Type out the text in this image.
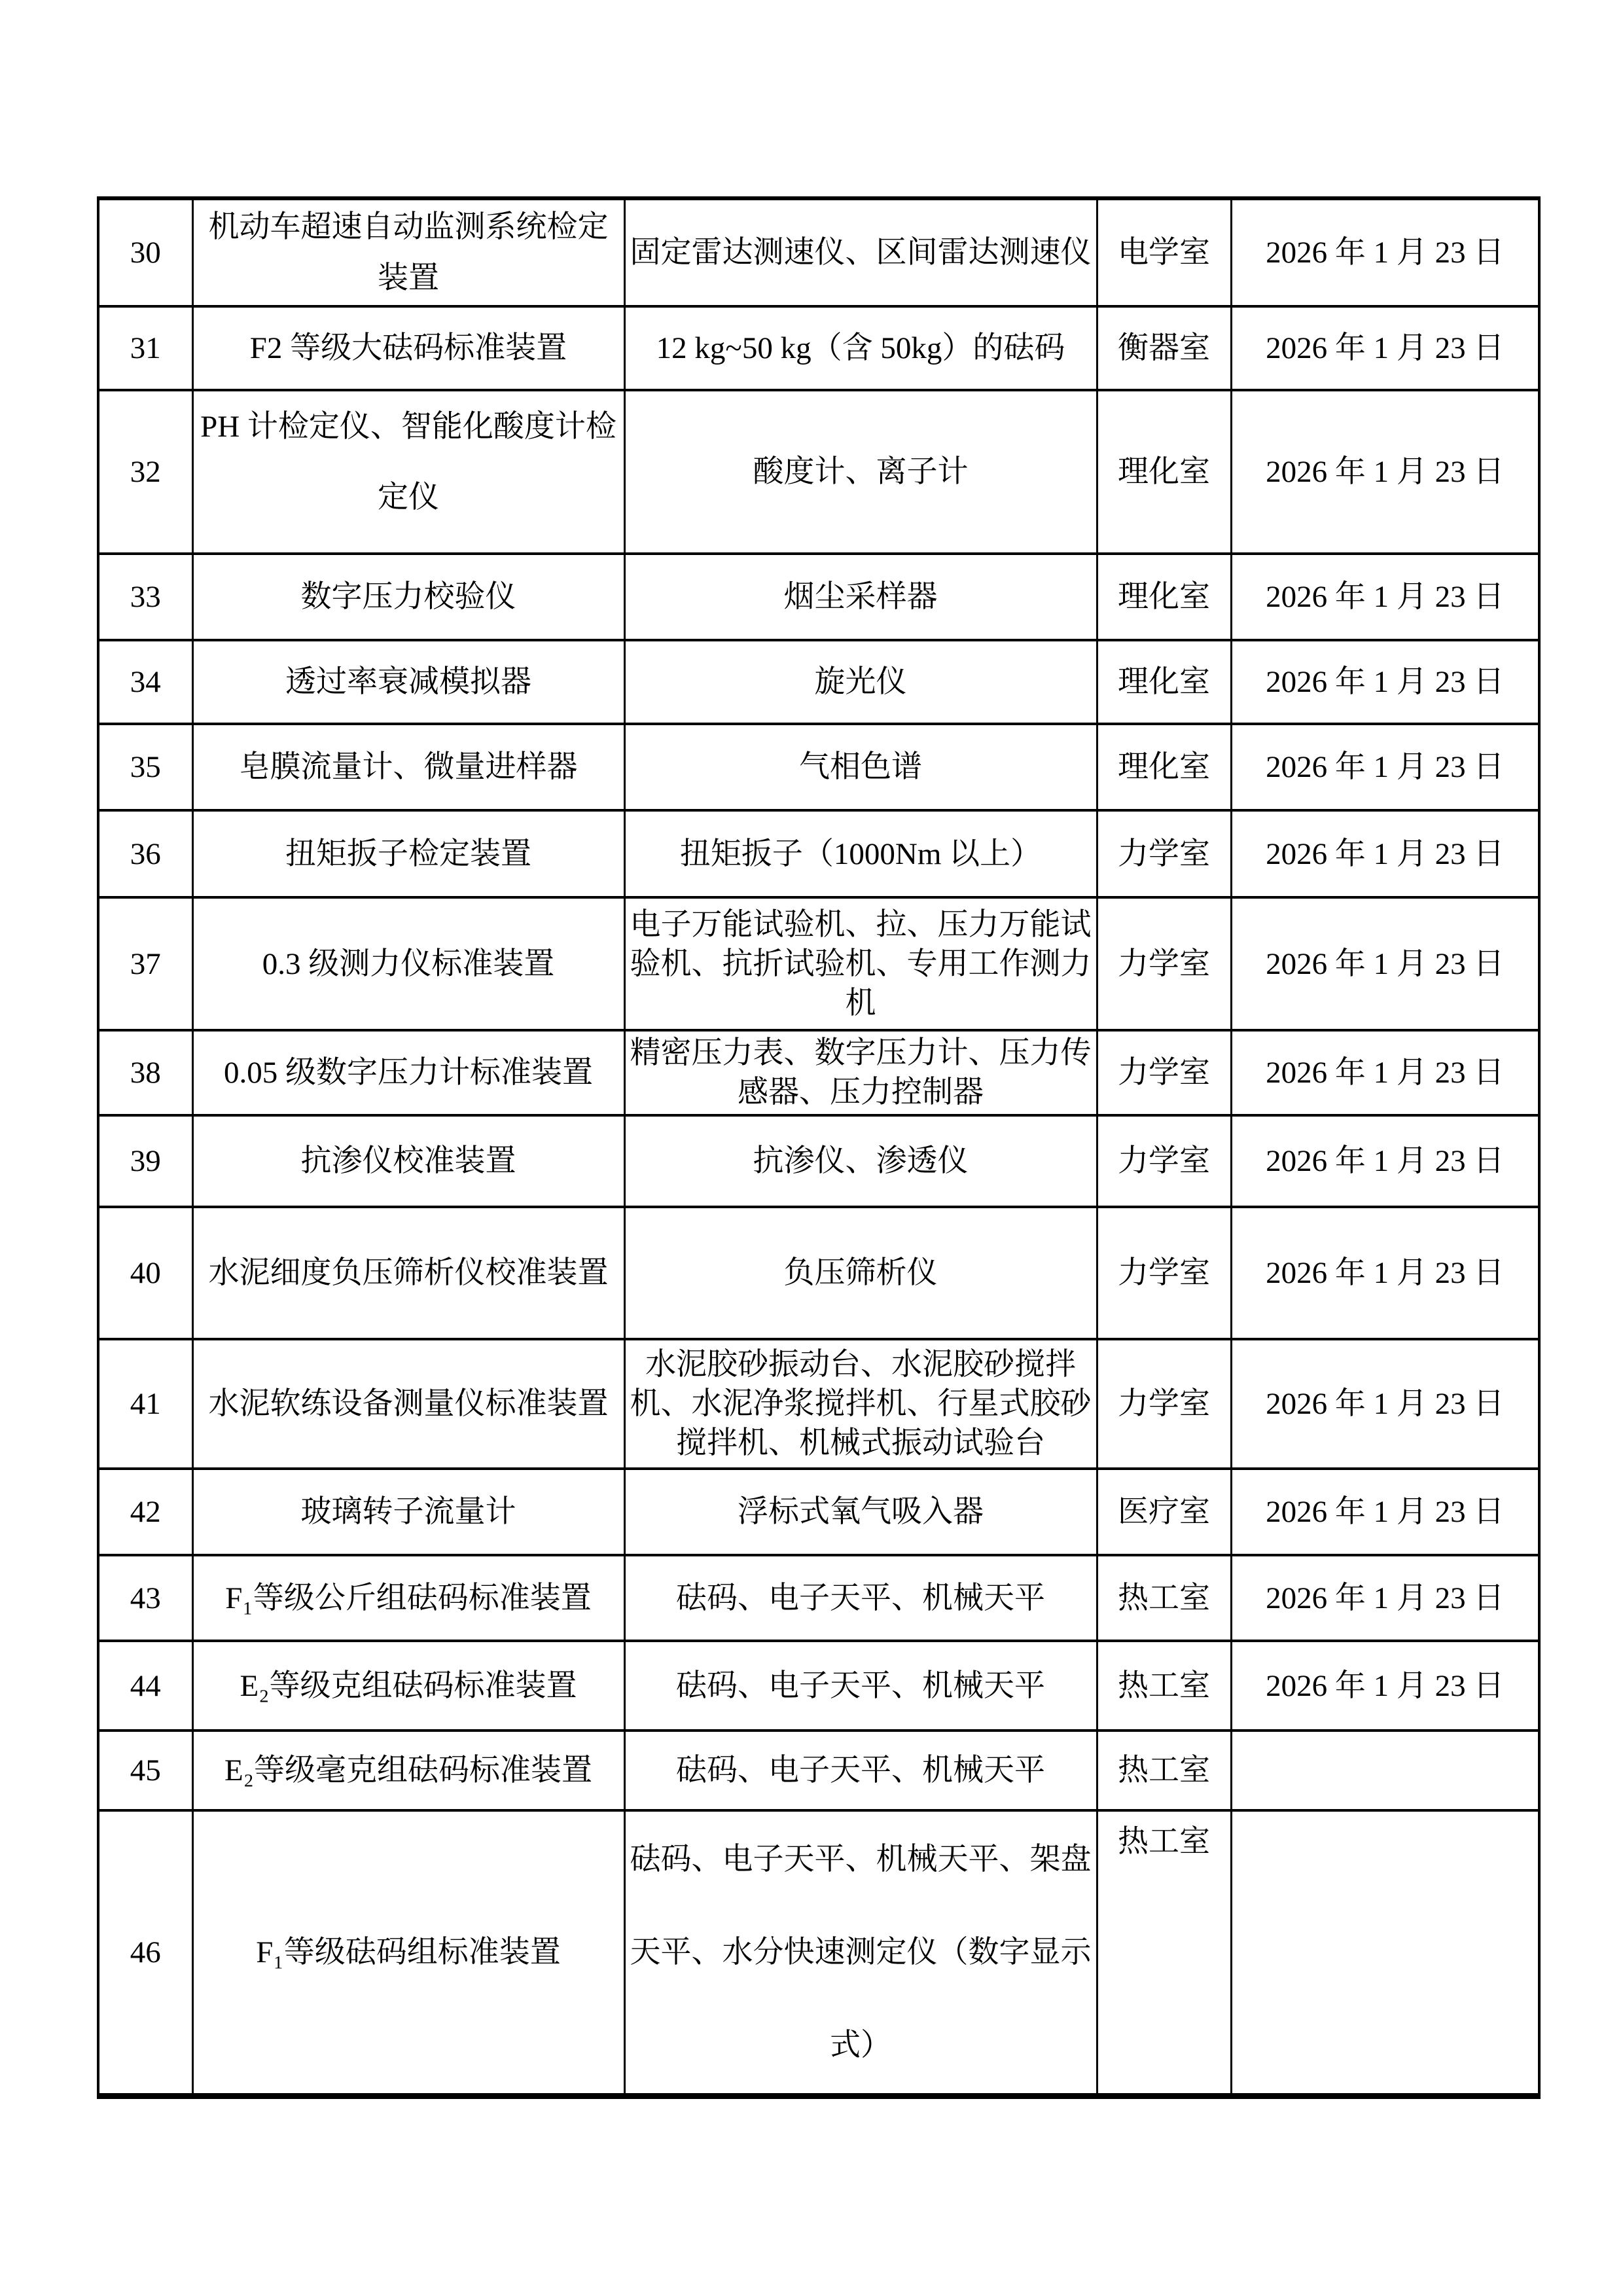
30	机动车超速自动监测系统检定装置	固定雷达测速仪、区间雷达测速仪	电学室	2026 年 1 月 23 日
31	F2 等级大砝码标准装置	12 kg~50 kg（含 50kg）的砝码	衡器室	2026 年 1 月 23 日
32	PH 计检定仪、智能化酸度计检定仪	酸度计、离子计	理化室	2026 年 1 月 23 日
33	数字压力校验仪	烟尘采样器	理化室	2026 年 1 月 23 日
34	透过率衰减模拟器	旋光仪	理化室	2026 年 1 月 23 日
35	皂膜流量计、微量进样器	气相色谱	理化室	2026 年 1 月 23 日
36	扭矩扳子检定装置	扭矩扳子（1000Nm 以上）	力学室	2026 年 1 月 23 日
37	0.3 级测力仪标准装置	电子万能试验机、拉、压力万能试验机、抗折试验机、专用工作测力机	力学室	2026 年 1 月 23 日
38	0.05 级数字压力计标准装置	精密压力表、数字压力计、压力传感器、压力控制器	力学室	2026 年 1 月 23 日
39	抗渗仪校准装置	抗渗仪、渗透仪	力学室	2026 年 1 月 23 日
40	水泥细度负压筛析仪校准装置	负压筛析仪	力学室	2026 年 1 月 23 日
41	水泥软练设备测量仪标准装置	水泥胶砂振动台、水泥胶砂搅拌机、水泥净浆搅拌机、行星式胶砂搅拌机、机械式振动试验台	力学室	2026 年 1 月 23 日
42	玻璃转子流量计	浮标式氧气吸入器	医疗室	2026 年 1 月 23 日
43	F₁等级公斤组砝码标准装置	砝码、电子天平、机械天平	热工室	2026 年 1 月 23 日
44	E₂等级克组砝码标准装置	砝码、电子天平、机械天平	热工室	2026 年 1 月 23 日
45	E₂等级毫克组砝码标准装置	砝码、电子天平、机械天平	热工室	
46	F₁等级砝码组标准装置	砝码、电子天平、机械天平、架盘天平、水分快速测定仪（数字显示式）	热工室	
